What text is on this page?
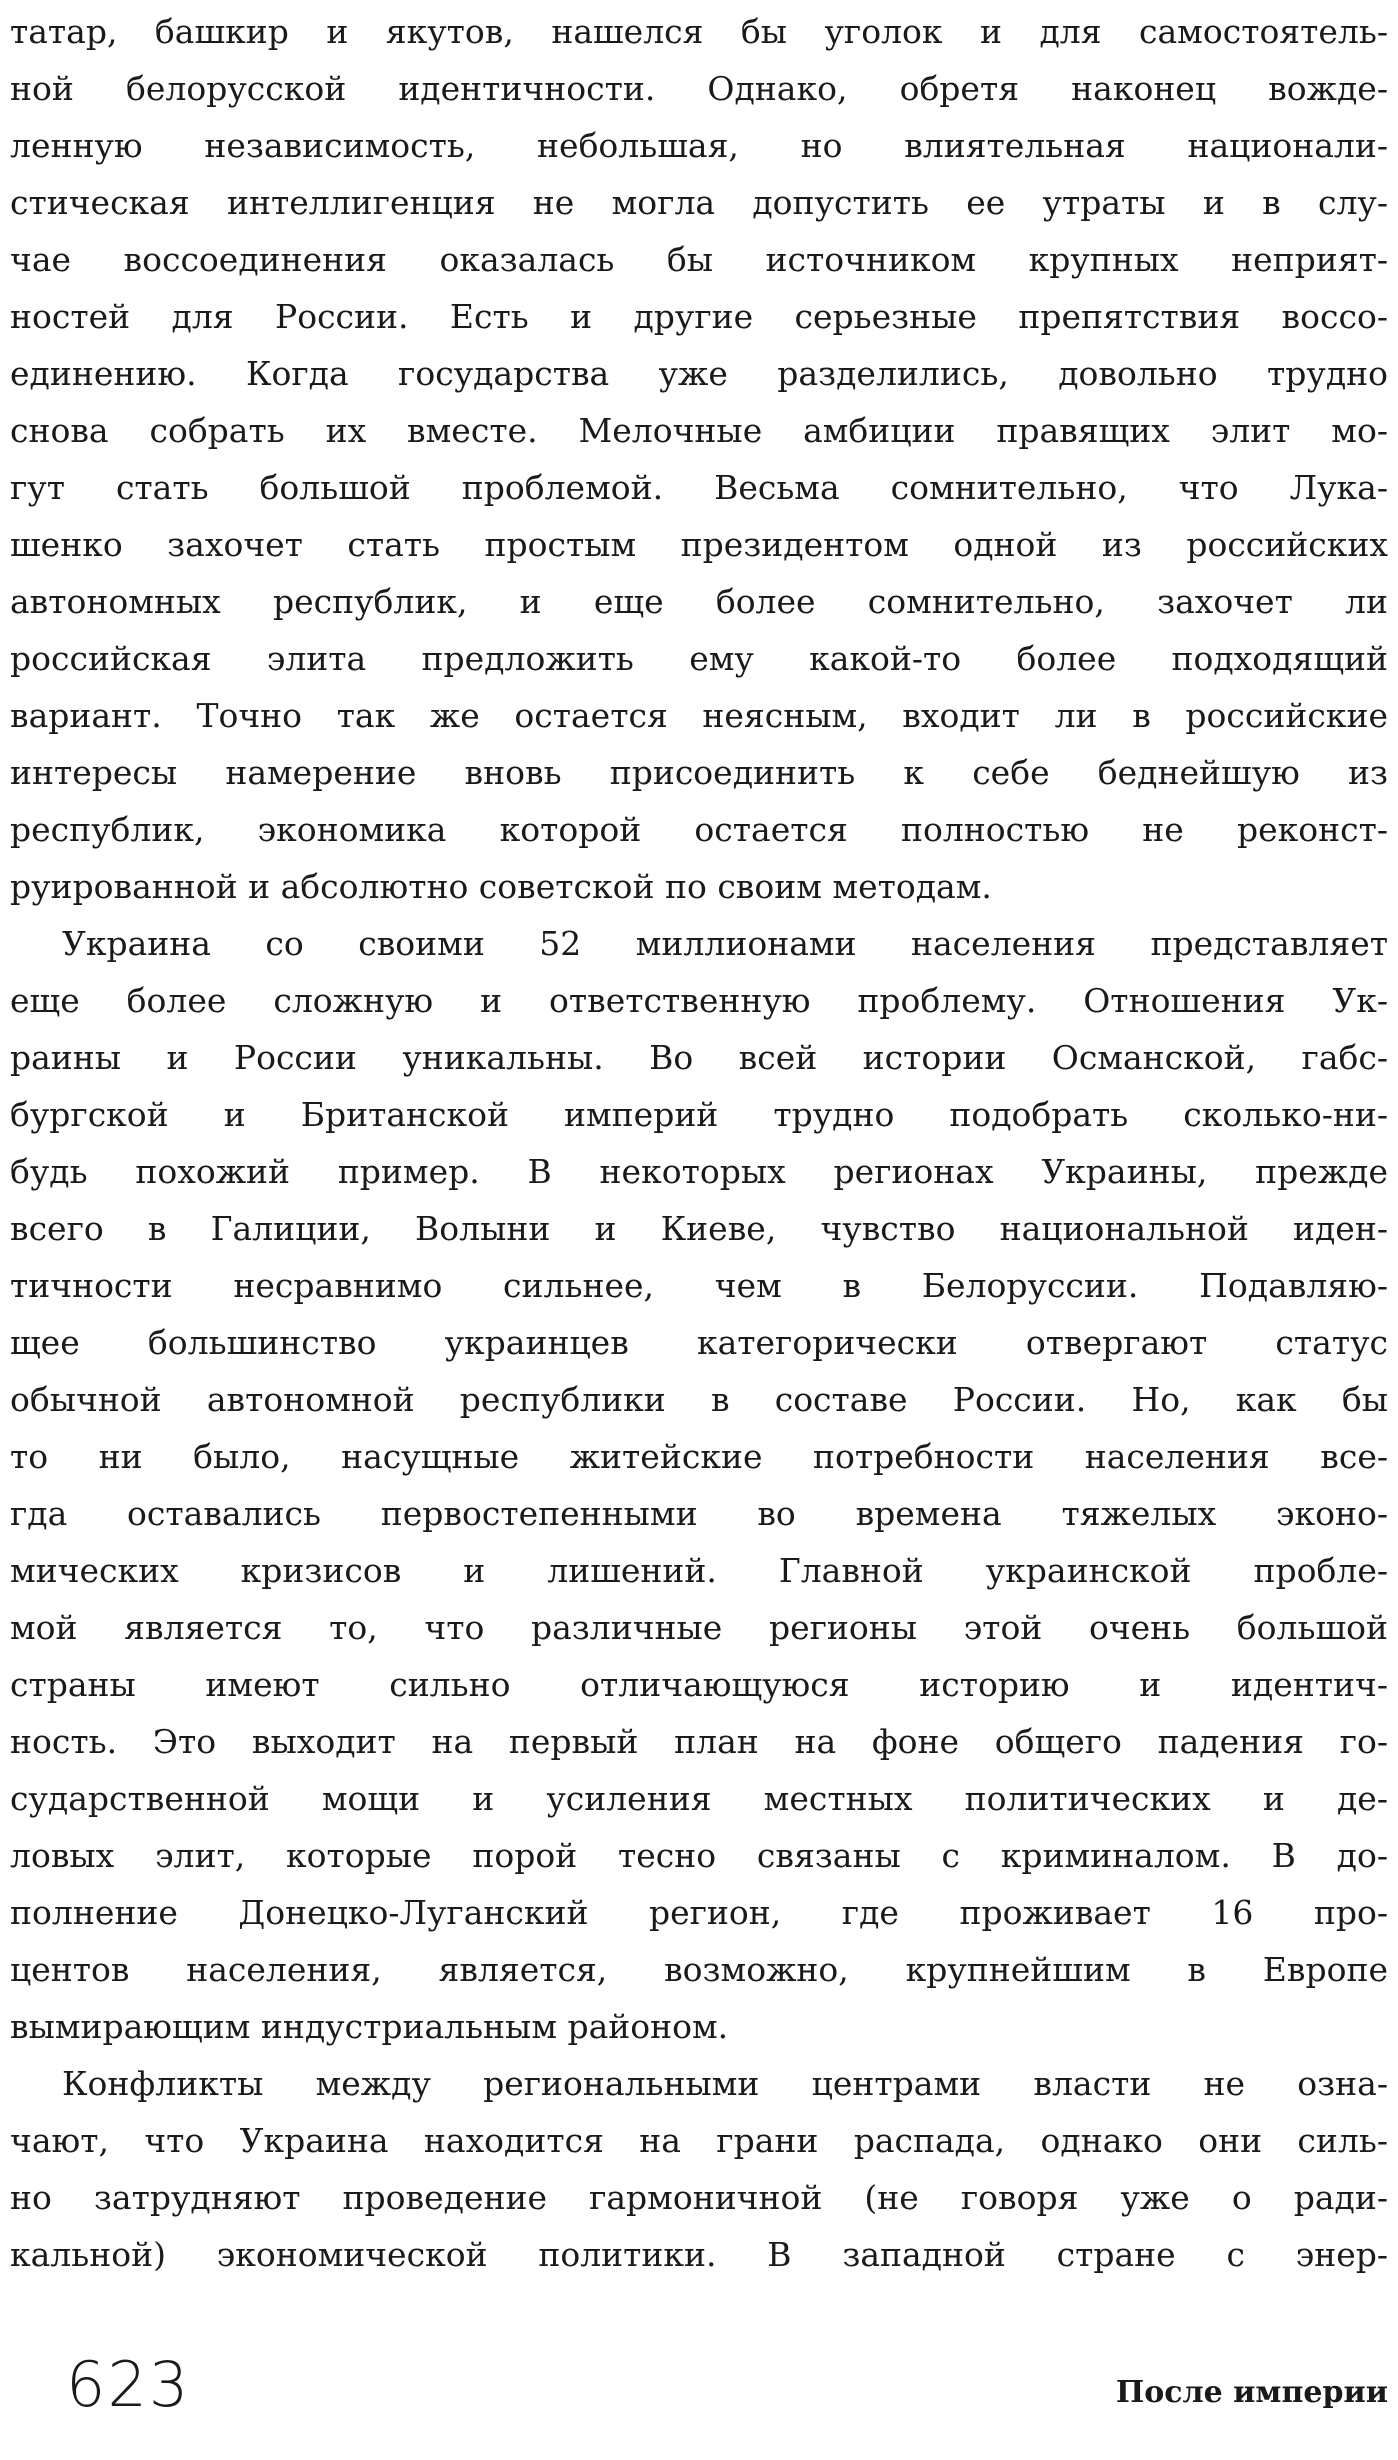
татар, башкир и якутов, нашелся бы уголок и для самостоятель-
ной белорусской идентичности. Однако, обретя наконец вожде-
ленную независимость, небольшая, но влиятельная национали-
стическая интеллигенция не могла допустить ее утраты и в слу-
чае воссоединения оказалась бы источником крупных неприят-
ностей для России. Есть и другие серьезные препятствия воссо-
единению. Когда государства уже разделились, довольно трудно
снова собрать их вместе. Мелочные амбиции правящих элит мо-
гут стать большой проблемой. Весьма сомнительно, что Лука-
шенко захочет стать простым президентом одной из российских
автономных республик, и еще более сомнительно, захочет ли
российская элита предложить ему какой-то более подходящий
вариант. Точно так же остается неясным, входит ли в российские
интересы намерение вновь присоединить к себе беднейшую из
республик, экономика которой остается полностью не реконст-
руированной и абсолютно советской по своим методам.
Украина со своими 52 миллионами населения представляет
еще более сложную и ответственную проблему. Отношения Ук-
раины и России уникальны. Во всей истории Османской, габс-
бургской и Британской империй трудно подобрать сколько-ни-
будь похожий пример. В некоторых регионах Украины, прежде
всего в Галиции, Волыни и Киеве, чувство национальной иден-
тичности несравнимо сильнее, чем в Белоруссии. Подавляю-
щее большинство украинцев категорически отвергают статус
обычной автономной республики в составе России. Но, как бы
то ни было, насущные житейские потребности населения все-
гда оставались первостепенными во времена тяжелых эконо-
мических кризисов и лишений. Главной украинской пробле-
мой является то, что различные регионы этой очень большой
страны имеют сильно отличающуюся историю и идентич-
ность. Это выходит на первый план на фоне общего падения го-
сударственной мощи и усиления местных политических и де-
ловых элит, которые порой тесно связаны с криминалом. В до-
полнение Донецко-Луганский регион, где проживает 16 про-
центов населения, является, возможно, крупнейшим в Европе
вымирающим индустриальным районом.
Конфликты между региональными центрами власти не озна-
чают, что Украина находится на грани распада, однако они силь-
но затрудняют проведение гармоничной (не говоря уже о ради-
кальной) экономической политики. В западной стране с энер-
623	После империи
